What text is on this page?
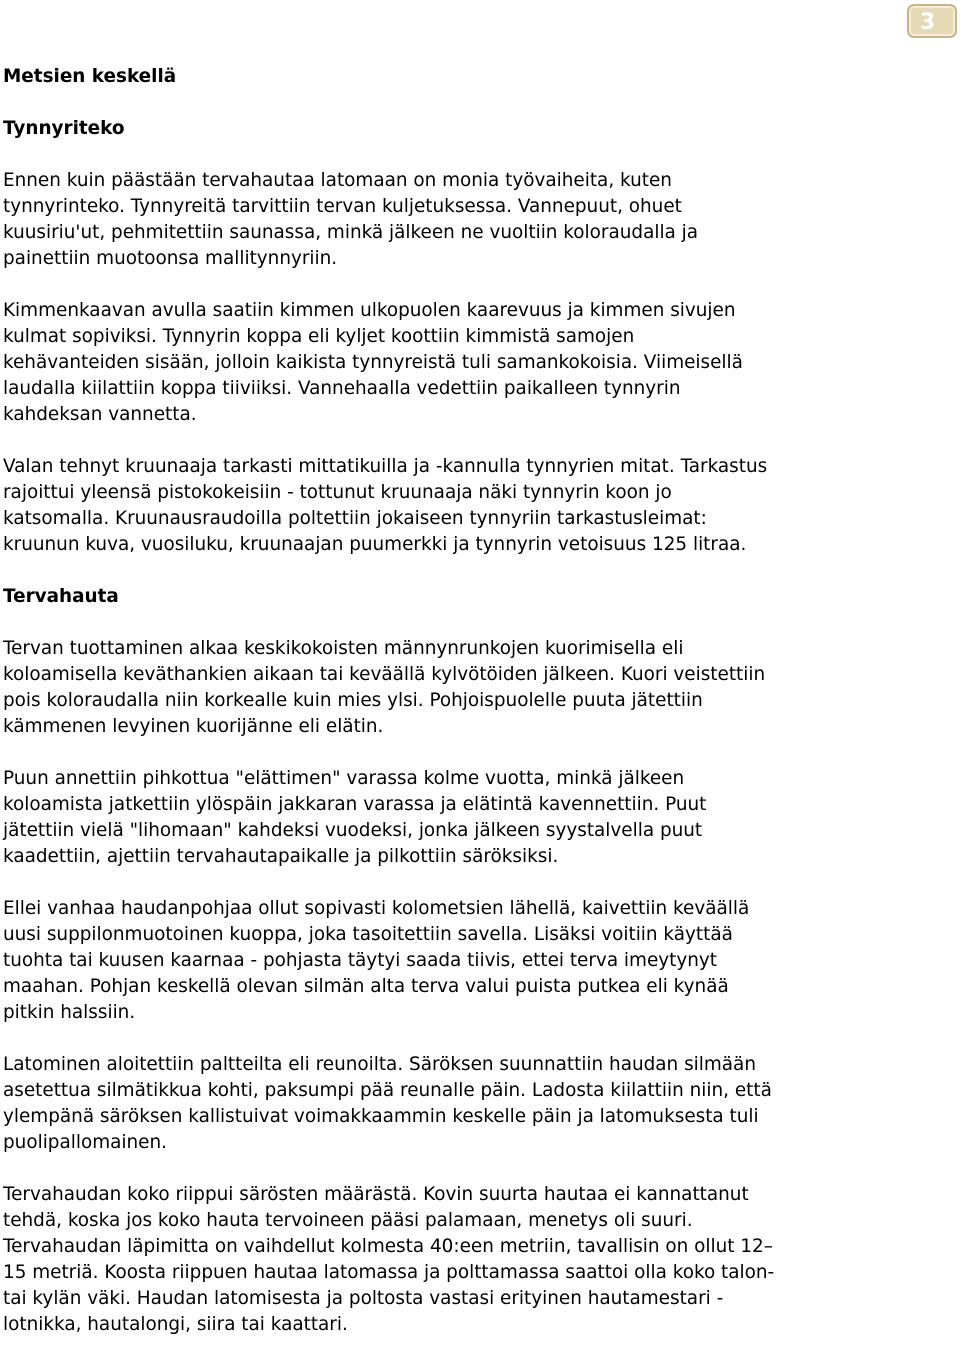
3
Metsien keskellä
Tynnyriteko

Ennen kuin päästään tervahautaa latomaan on monia työvaiheita, kuten
tynnyrinteko. Tynnyreitä tarvittiin tervan kuljetuksessa. Vannepuut, ohuet
kuusiriu'ut, pehmitettiin saunassa, minkä jälkeen ne vuoltiin koloraudalla ja
painettiin muotoonsa mallitynnyriin.

Kimmenkaavan avulla saatiin kimmen ulkopuolen kaarevuus ja kimmen sivujen
kulmat sopiviksi. Tynnyrin koppa eli kyljet koottiin kimmistä samojen
kehävanteiden sisään, jolloin kaikista tynnyreistä tuli samankokoisia. Viimeisellä
laudalla kiilattiin koppa tiiviiksi. Vannehaalla vedettiin paikalleen tynnyrin
kahdeksan vannetta.

Valan tehnyt kruunaaja tarkasti mittatikuilla ja -kannulla tynnyrien mitat. Tarkastus
rajoittui yleensä pistokokeisiin - tottunut kruunaaja näki tynnyrin koon jo
katsomalla. Kruunausraudoilla poltettiin jokaiseen tynnyriin tarkastusleimat:
kruunun kuva, vuosiluku, kruunaajan puumerkki ja tynnyrin vetoisuus 125 litraa.

Tervahauta

Tervan tuottaminen alkaa keskikokoisten männynrunkojen kuorimisella eli
koloamisella keväthankien aikaan tai keväällä kylvötöiden jälkeen. Kuori veistettiin
pois koloraudalla niin korkealle kuin mies ylsi. Pohjoispuolelle puuta jätettiin
kämmenen levyinen kuorijänne eli elätin.

Puun annettiin pihkottua "elättimen" varassa kolme vuotta, minkä jälkeen
koloamista jatkettiin ylöspäin jakkaran varassa ja elätintä kavennettiin. Puut
jätettiin vielä "lihomaan" kahdeksi vuodeksi, jonka jälkeen syystalvella puut
kaadettiin, ajettiin tervahautapaikalle ja pilkottiin säröksiksi.

Ellei vanhaa haudanpohjaa ollut sopivasti kolometsien lähellä, kaivettiin keväällä
uusi suppilonmuotoinen kuoppa, joka tasoitettiin savella. Lisäksi voitiin käyttää
tuohta tai kuusen kaarnaa - pohjasta täytyi saada tiivis, ettei terva imeytynyt
maahan. Pohjan keskellä olevan silmän alta terva valui puista putkea eli kynää
pitkin halssiin.

Latominen aloitettiin paltteilta eli reunoilta. Säröksen suunnattiin haudan silmään
asetettua silmätikkua kohti, paksumpi pää reunalle päin. Ladosta kiilattiin niin, että
ylempänä säröksen kallistuivat voimakkaammin keskelle päin ja latomuksesta tuli
puolipallomainen.

Tervahaudan koko riippui särösten määrästä. Kovin suurta hautaa ei kannattanut
tehdä, koska jos koko hauta tervoineen pääsi palamaan, menetys oli suuri.
Tervahaudan läpimitta on vaihdellut kolmesta 40:een metriin, tavallisin on ollut 12–
15 metriä. Koosta riippuen hautaa latomassa ja polttamassa saattoi olla koko talon-
tai kylän väki. Haudan latomisesta ja poltosta vastasi erityinen hautamestari -
lotnikka, hautalongi, siira tai kaattari.
